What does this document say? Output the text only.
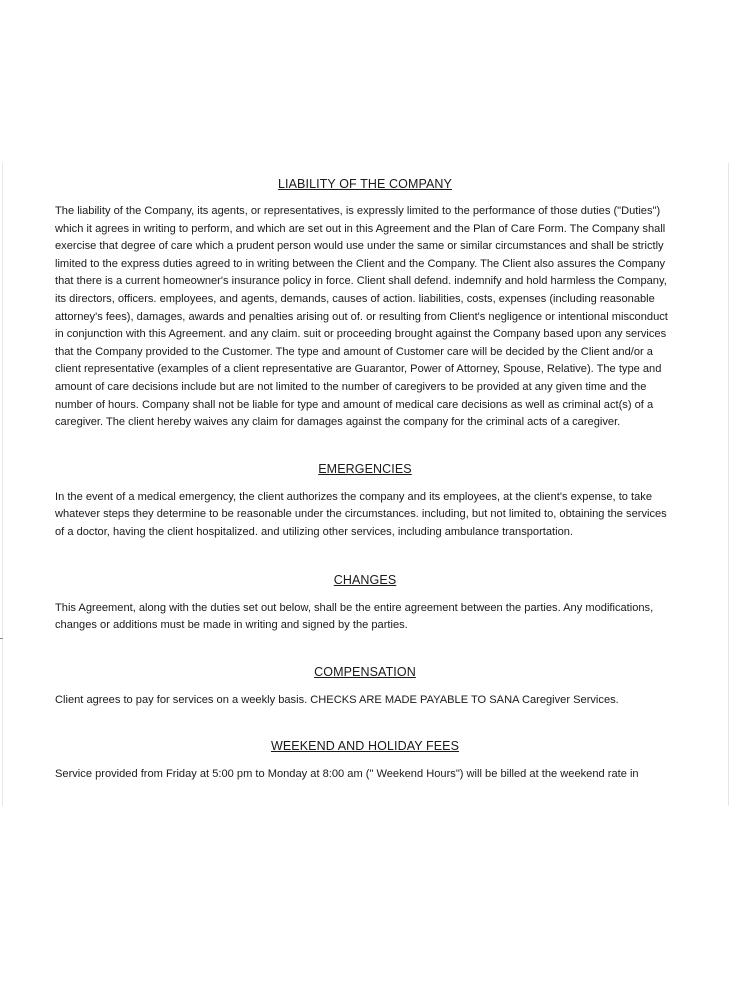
LIABILITY OF THE COMPANY

The liability of the Company, its agents, or representatives, is expressly limited to the performance of those duties ("Duties") which it agrees in writing to perform, and which are set out in this Agreement and the Plan of Care Form. The Company shall exercise that degree of care which a prudent person would use under the same or similar circumstances and shall be strictly limited to the express duties agreed to in writing between the Client and the Company. The Client also assures the Company that there is a current homeowner's insurance policy in force. Client shall defend. indemnify and hold harmless the Company, its directors, officers. employees, and agents, demands, causes of action. liabilities, costs, expenses (including reasonable attorney's fees), damages, awards and penalties arising out of. or resulting from Client's negligence or intentional misconduct in conjunction with this Agreement. and any claim. suit or proceeding brought against the Company based upon any services that the Company provided to the Customer. The type and amount of Customer care will be decided by the Client and/or a client representative (examples of a client representative are Guarantor, Power of Attorney, Spouse, Relative). The type and amount of care decisions include but are not limited to the number of caregivers to be provided at any given time and the number of hours. Company shall not be liable for type and amount of medical care decisions as well as criminal act(s) of a caregiver. The client hereby waives any claim for damages against the company for the criminal acts of a caregiver.

EMERGENCIES

In the event of a medical emergency, the client authorizes the company and its employees, at the client's expense, to take whatever steps they determine to be reasonable under the circumstances. including, but not limited to, obtaining the services of a doctor, having the client hospitalized. and utilizing other services, including ambulance transportation.

CHANGES

This Agreement, along with the duties set out below, shall be the entire agreement between the parties. Any modifications, changes or additions must be made in writing and signed by the parties.

COMPENSATION

Client agrees to pay for services on a weekly basis. CHECKS ARE MADE PAYABLE TO SANA Caregiver Services.

WEEKEND AND HOLIDAY FEES

Service provided from Friday at 5:00 pm to Monday at 8:00 am (" Weekend Hours") will be billed at the weekend rate in
